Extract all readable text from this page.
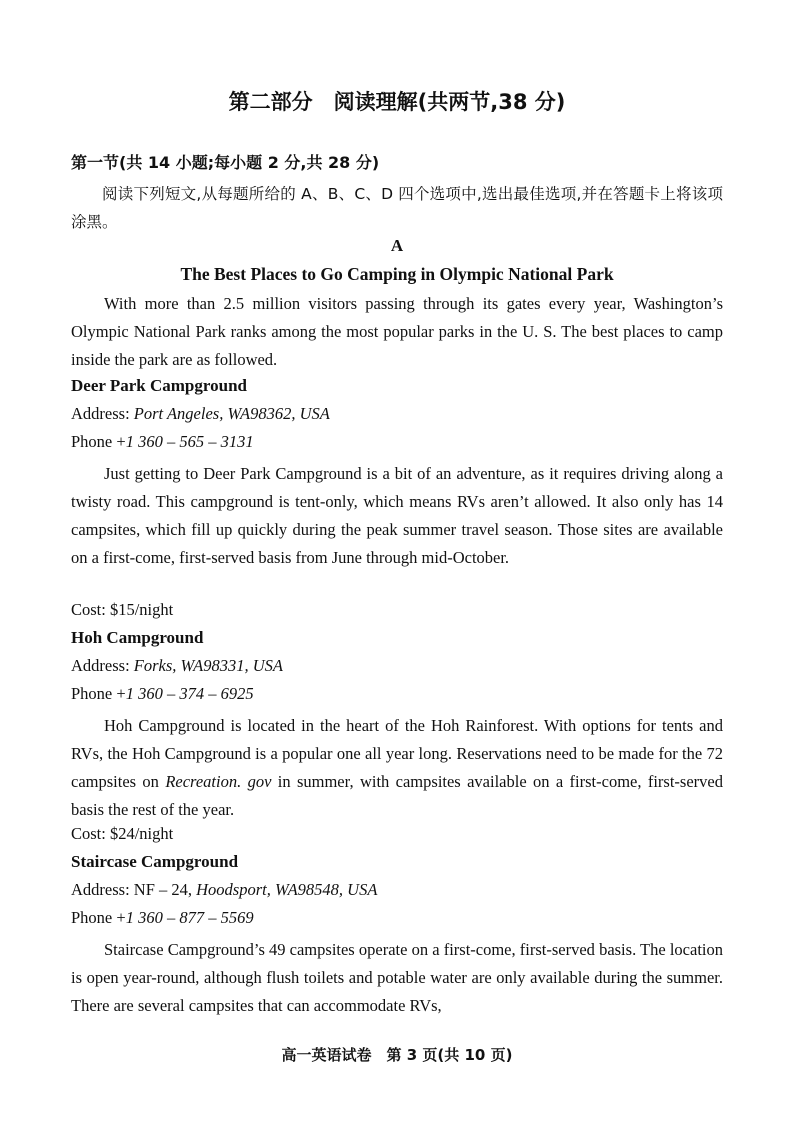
第二部分　阅读理解(共两节,38 分)
第一节(共 14 小题;每小题 2 分,共 28 分)
阅读下列短文,从每题所给的 A、B、C、D 四个选项中,选出最佳选项,并在答题卡上将该项涂黑。
A
The Best Places to Go Camping in Olympic National Park
With more than 2.5 million visitors passing through its gates every year, Washington’s Olympic National Park ranks among the most popular parks in the U. S. The best places to camp inside the park are as followed.
Deer Park Campground
Address: Port Angeles, WA98362, USA
Phone +1 360 – 565 – 3131
Just getting to Deer Park Campground is a bit of an adventure, as it requires driving along a twisty road. This campground is tent-only, which means RVs aren’t allowed. It also only has 14 campsites, which fill up quickly during the peak summer travel season. Those sites are available on a first-come, first-served basis from June through mid-October.
Cost: $15/night
Hoh Campground
Address: Forks, WA98331, USA
Phone +1 360 – 374 – 6925
Hoh Campground is located in the heart of the Hoh Rainforest. With options for tents and RVs, the Hoh Campground is a popular one all year long. Reservations need to be made for the 72 campsites on Recreation. gov in summer, with campsites available on a first-come, first-served basis the rest of the year.
Cost: $24/night
Staircase Campground
Address: NF – 24, Hoodsport, WA98548, USA
Phone +1 360 – 877 – 5569
Staircase Campground’s 49 campsites operate on a first-come, first-served basis. The location is open year-round, although flush toilets and potable water are only available during the summer. There are several campsites that can accommodate RVs,
高一英语试卷　第 3 页(共 10 页)
